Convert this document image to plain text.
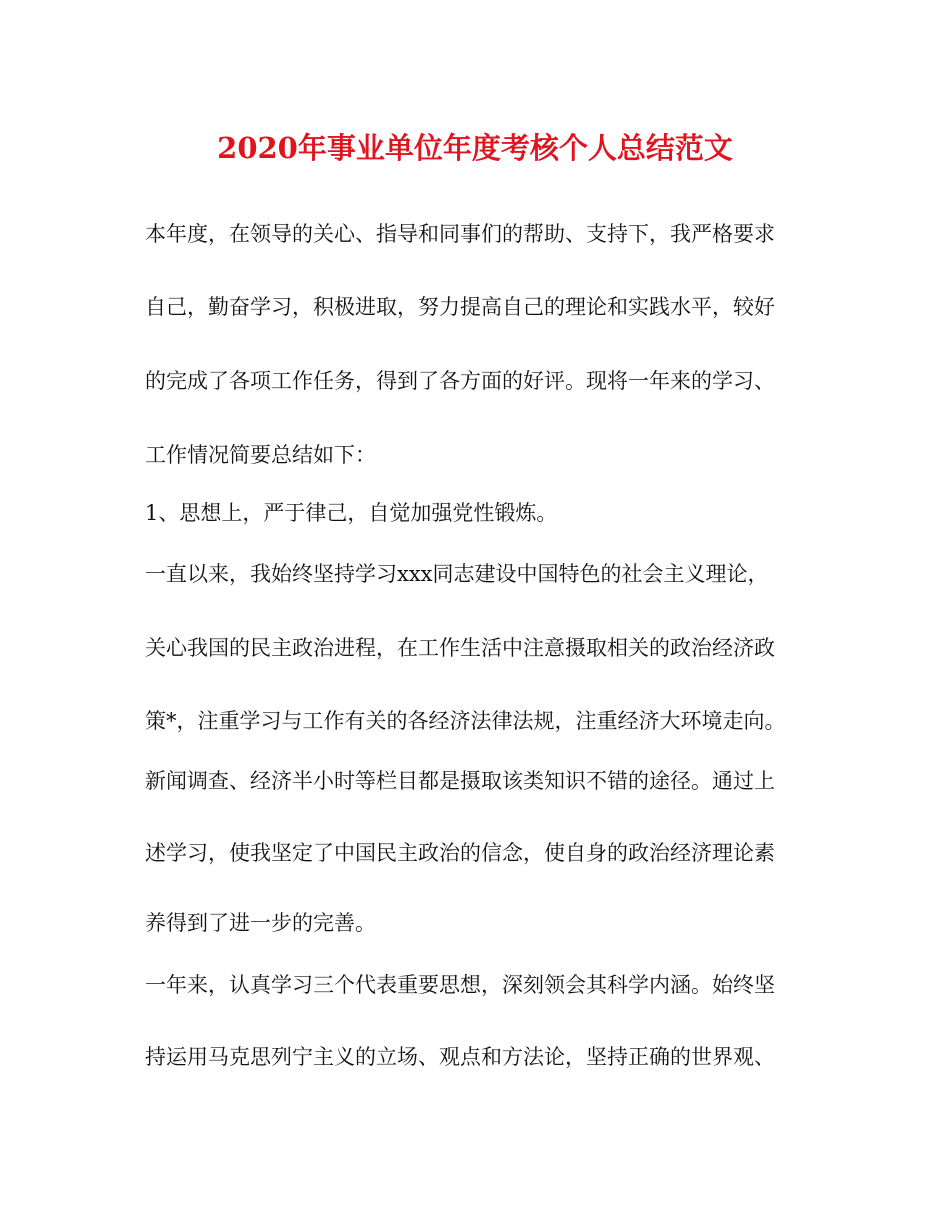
2020年事业单位年度考核个人总结范文
本年度，在领导的关心、指导和同事们的帮助、支持下，我严格要求
自己，勤奋学习，积极进取，努力提高自己的理论和实践水平，较好
的完成了各项工作任务，得到了各方面的好评。现将一年来的学习、
工作情况简要总结如下：
1、思想上，严于律己，自觉加强党性锻炼。
一直以来，我始终坚持学习xxx同志建设中国特色的社会主义理论，
关心我国的民主政治进程，在工作生活中注意摄取相关的政治经济政
策*，注重学习与工作有关的各经济法律法规，注重经济大环境走向。
新闻调查、经济半小时等栏目都是摄取该类知识不错的途径。通过上
述学习，使我坚定了中国民主政治的信念，使自身的政治经济理论素
养得到了进一步的完善。
一年来，认真学习三个代表重要思想，深刻领会其科学内涵。始终坚
持运用马克思列宁主义的立场、观点和方法论，坚持正确的世界观、
